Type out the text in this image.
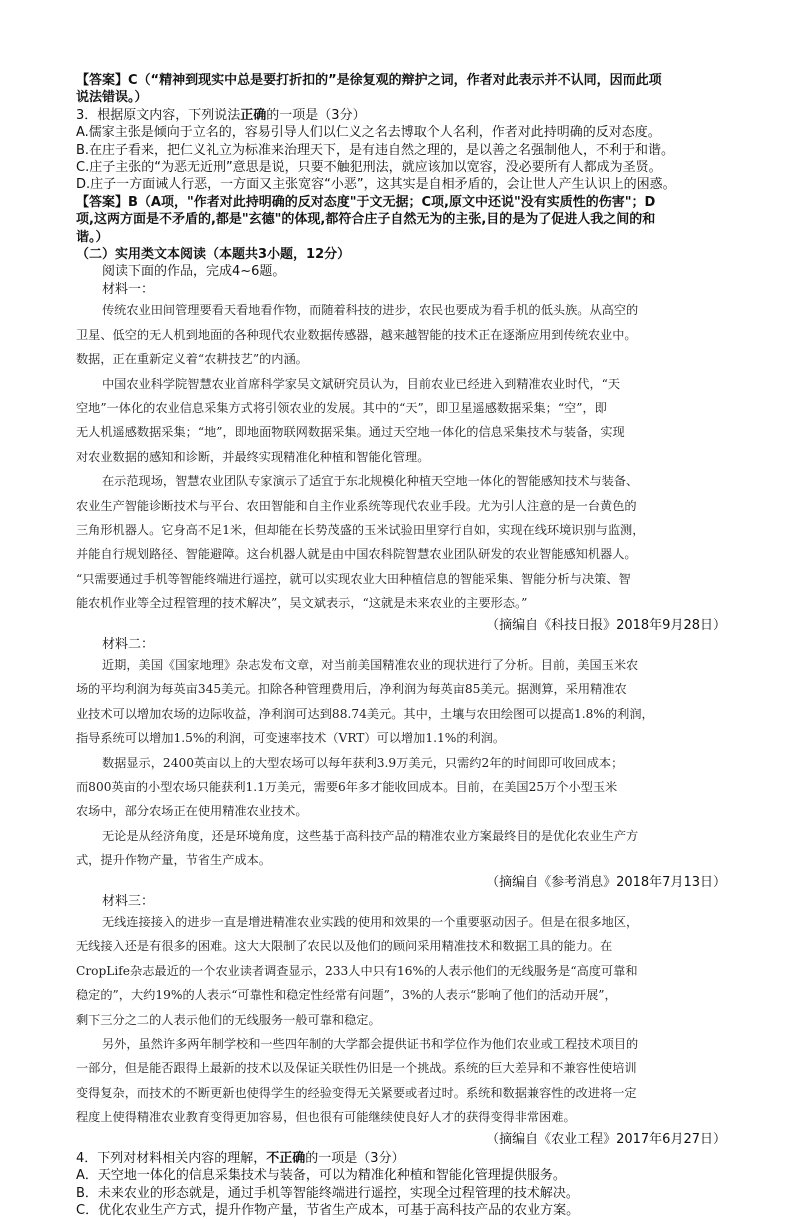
【答案】C（“精神到现实中总是要打折扣的”是徐复观的辩护之词，作者对此表示并不认同，因而此项
说法错误。）
3．根据原文内容，下列说法正确的一项是（3分）
A.儒家主张是倾向于立名的，容易引导人们以仁义之名去博取个人名利，作者对此持明确的反对态度。
B.在庄子看来，把仁义礼立为标准来治理天下，是有违自然之理的，是以善之名强制他人，不利于和谐。
C.庄子主张的“为恶无近刑”意思是说，只要不触犯刑法，就应该加以宽容，没必要所有人都成为圣贤。
D.庄子一方面诫人行恶，一方面又主张宽容“小恶”，这其实是自相矛盾的，会让世人产生认识上的困惑。
【答案】B（A项，"作者对此持明确的反对态度"于文无据；C项,原文中还说"没有实质性的伤害"；D
项,这两方面是不矛盾的,都是"玄德"的体现,都符合庄子自然无为的主张,目的是为了促进人我之间的和
谐。）
（二）实用类文本阅读（本题共3小题，12分）
阅读下面的作品，完成4~6题。
材料一：
传统农业田间管理要看天看地看作物，而随着科技的进步，农民也要成为看手机的低头族。从高空的
卫星、低空的无人机到地面的各种现代农业数据传感器，越来越智能的技术正在逐渐应用到传统农业中。
数据，正在重新定义着“农耕技艺”的内涵。
中国农业科学院智慧农业首席科学家吴文斌研究员认为，目前农业已经进入到精准农业时代，“天
空地”一体化的农业信息采集方式将引领农业的发展。其中的“天”，即卫星遥感数据采集；“空”，即
无人机遥感数据采集；“地”，即地面物联网数据采集。通过天空地一体化的信息采集技术与装备，实现
对农业数据的感知和诊断，并最终实现精准化种植和智能化管理。
在示范现场，智慧农业团队专家演示了适宜于东北规模化种植天空地一体化的智能感知技术与装备、
农业生产智能诊断技术与平台、农田智能和自主作业系统等现代农业手段。尤为引人注意的是一台黄色的
三角形机器人。它身高不足1米，但却能在长势茂盛的玉米试验田里穿行自如，实现在线环境识别与监测，
并能自行规划路径、智能避障。这台机器人就是由中国农科院智慧农业团队研发的农业智能感知机器人。
“只需要通过手机等智能终端进行遥控，就可以实现农业大田种植信息的智能采集、智能分析与决策、智
能农机作业等全过程管理的技术解决”，吴文斌表示，“这就是未来农业的主要形态。”
（摘编自《科技日报》2018年9月28日）
材料二：
近期，美国《国家地理》杂志发布文章，对当前美国精准农业的现状进行了分析。目前，美国玉米农
场的平均利润为每英亩345美元。扣除各种管理费用后，净利润为每英亩85美元。据测算，采用精准农
业技术可以增加农场的边际收益，净利润可达到88.74美元。其中，土壤与农田绘图可以提高1.8%的利润，
指导系统可以增加1.5%的利润，可变速率技术（VRT）可以增加1.1%的利润。
数据显示，2400英亩以上的大型农场可以每年获利3.9万美元，只需约2年的时间即可收回成本；
而800英亩的小型农场只能获利1.1万美元，需要6年多才能收回成本。目前，在美国25万个小型玉米
农场中，部分农场正在使用精准农业技术。
无论是从经济角度，还是环境角度，这些基于高科技产品的精准农业方案最终目的是优化农业生产方
式，提升作物产量，节省生产成本。
（摘编自《参考消息》2018年7月13日）
材料三：
无线连接接入的进步一直是增进精准农业实践的使用和效果的一个重要驱动因子。但是在很多地区，
无线接入还是有很多的困难。这大大限制了农民以及他们的顾问采用精准技术和数据工具的能力。在
CropLife杂志最近的一个农业读者调查显示，233人中只有16%的人表示他们的无线服务是“高度可靠和
稳定的”，大约19%的人表示“可靠性和稳定性经常有问题”，3%的人表示“影响了他们的活动开展”，
剩下三分之二的人表示他们的无线服务一般可靠和稳定。
另外，虽然许多两年制学校和一些四年制的大学都会提供证书和学位作为他们农业或工程技术项目的
一部分，但是能否跟得上最新的技术以及保证关联性仍旧是一个挑战。系统的巨大差异和不兼容性使培训
变得复杂，而技术的不断更新也使得学生的经验变得无关紧要或者过时。系统和数据兼容性的改进将一定
程度上使得精准农业教育变得更加容易，但也很有可能继续使良好人才的获得变得非常困难。
（摘编自《农业工程》2017年6月27日）
4．下列对材料相关内容的理解，不正确的一项是（3分）
A．天空地一体化的信息采集技术与装备，可以为精准化种植和智能化管理提供服务。
B．未来农业的形态就是，通过手机等智能终端进行遥控，实现全过程管理的技术解决。
C．优化农业生产方式，提升作物产量，节省生产成本，可基于高科技产品的农业方案。
